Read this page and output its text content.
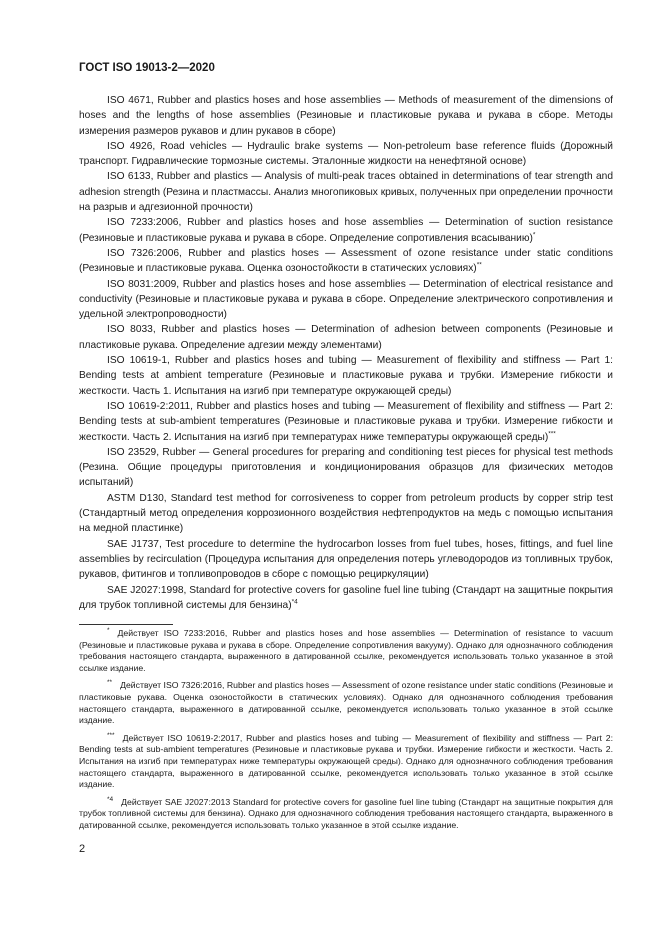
ГОСТ ISO 19013-2—2020

ISO 4671, Rubber and plastics hoses and hose assemblies — Methods of measurement of the dimensions of hoses and the lengths of hose assemblies (Резиновые и пластиковые рукава и рукава в сборе. Методы измерения размеров рукавов и длин рукавов в сборе)

ISO 4926, Road vehicles — Hydraulic brake systems — Non-petroleum base reference fluids (Дорожный транспорт. Гидравлические тормозные системы. Эталонные жидкости на ненефтяной основе)

ISO 6133, Rubber and plastics — Analysis of multi-peak traces obtained in determinations of tear strength and adhesion strength (Резина и пластмассы. Анализ многопиковых кривых, полученных при определении прочности на разрыв и адгезионной прочности)

ISO 7233:2006, Rubber and plastics hoses and hose assemblies — Determination of suction resistance (Резиновые и пластиковые рукава и рукава в сборе. Определение сопротивления всасыванию)*

ISO 7326:2006, Rubber and plastics hoses — Assessment of ozone resistance under static conditions (Резиновые и пластиковые рукава. Оценка озоностойкости в статических условиях)**

ISO 8031:2009, Rubber and plastics hoses and hose assemblies — Determination of electrical resistance and conductivity (Резиновые и пластиковые рукава и рукава в сборе. Определение электрического сопротивления и удельной электропроводности)

ISO 8033, Rubber and plastics hoses — Determination of adhesion between components (Резиновые и пластиковые рукава. Определение адгезии между элементами)

ISO 10619-1, Rubber and plastics hoses and tubing — Measurement of flexibility and stiffness — Part 1: Bending tests at ambient temperature (Резиновые и пластиковые рукава и трубки. Измерение гибкости и жесткости. Часть 1. Испытания на изгиб при температуре окружающей среды)

ISO 10619-2:2011, Rubber and plastics hoses and tubing — Measurement of flexibility and stiffness — Part 2: Bending tests at sub-ambient temperatures (Резиновые и пластиковые рукава и трубки. Измерение гибкости и жесткости. Часть 2. Испытания на изгиб при температурах ниже температуры окружающей среды)***

ISO 23529, Rubber — General procedures for preparing and conditioning test pieces for physical test methods (Резина. Общие процедуры приготовления и кондиционирования образцов для физических методов испытаний)

ASTM D130, Standard test method for corrosiveness to copper from petroleum products by copper strip test (Стандартный метод определения коррозионного воздействия нефтепродуктов на медь с помощью испытания на медной пластинке)

SAE J1737, Test procedure to determine the hydrocarbon losses from fuel tubes, hoses, fittings, and fuel line assemblies by recirculation (Процедура испытания для определения потерь углеводородов из топливных трубок, рукавов, фитингов и топливопроводов в сборе с помощью рециркуляции)

SAE J2027:1998, Standard for protective covers for gasoline fuel line tubing (Стандарт на защитные покрытия для трубок топливной системы для бензина)$^{*4}$

* Действует ISO 7233:2016, Rubber and plastics hoses and hose assemblies — Determination of resistance to vacuum (Резиновые и пластиковые рукава и рукава в сборе. Определение сопротивления вакууму). Однако для однозначного соблюдения требования настоящего стандарта, выраженного в датированной ссылке, рекомендуется использовать только указанное в этой ссылке издание.

** Действует ISO 7326:2016, Rubber and plastics hoses — Assessment of ozone resistance under static conditions (Резиновые и пластиковые рукава. Оценка озоностойкости в статических условиях). Однако для однозначного соблюдения требования настоящего стандарта, выраженного в датированной ссылке, рекомендуется использовать только указанное в этой ссылке издание.

*** Действует ISO 10619-2:2017, Rubber and plastics hoses and tubing — Measurement of flexibility and stiffness — Part 2: Bending tests at sub-ambient temperatures (Резиновые и пластиковые рукава и трубки. Измерение гибкости и жесткости. Часть 2. Испытания на изгиб при температурах ниже температуры окружающей среды). Однако для однозначного соблюдения требования настоящего стандарта, выраженного в датированной ссылке, рекомендуется использовать только указанное в этой ссылке издание.

$^{*4}$ Действует SAE J2027:2013 Standard for protective covers for gasoline fuel line tubing (Стандарт на защитные покрытия для трубок топливной системы для бензина). Однако для однозначного соблюдения требования настоящего стандарта, выраженного в датированной ссылке, рекомендуется использовать только указанное в этой ссылке издание.

2
